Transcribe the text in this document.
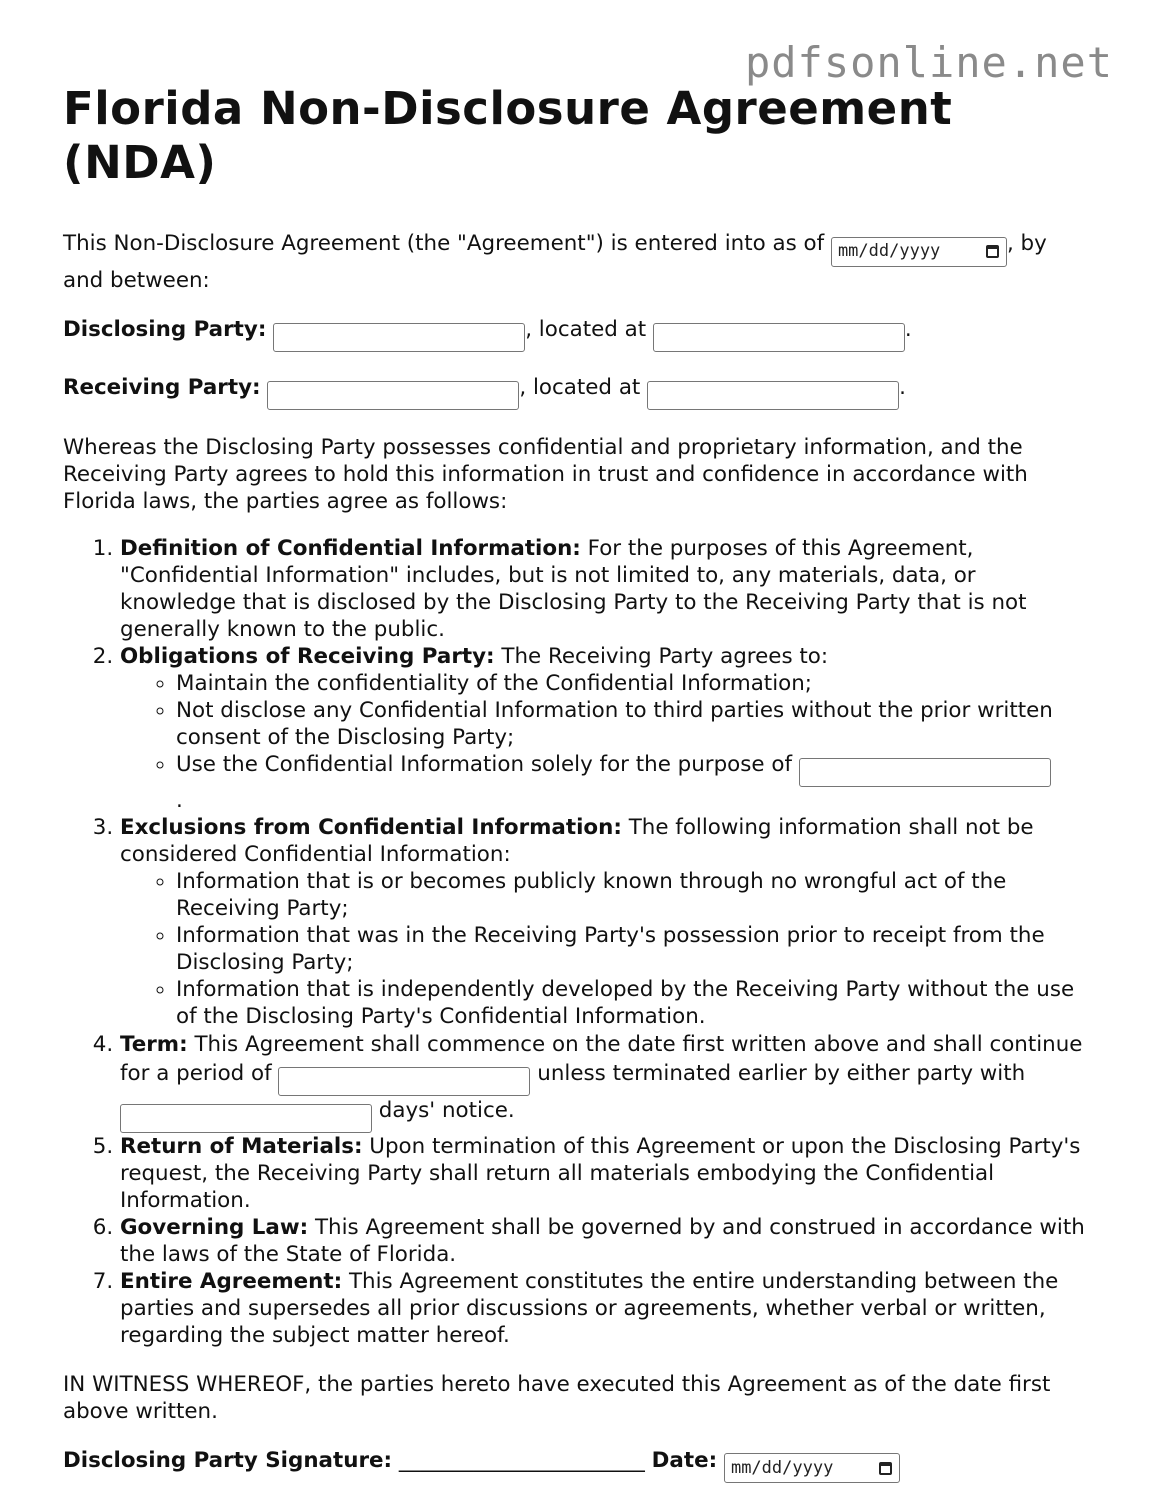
pdfsonline.net
Florida Non-Disclosure Agreement (NDA)

This Non-Disclosure Agreement (the "Agreement") is entered into as of mm/dd/yyyy	, by and between:

Disclosing Party:	, located at	.

Receiving Party:	, located at	.

Whereas the Disclosing Party possesses confidential and proprietary information, and the Receiving Party agrees to hold this information in trust and confidence in accordance with Florida laws, the parties agree as follows:

1. Definition of Confidential Information: For the purposes of this Agreement, "Confidential Information" includes, but is not limited to, any materials, data, or knowledge that is disclosed by the Disclosing Party to the Receiving Party that is not generally known to the public.
2. Obligations of Receiving Party: The Receiving Party agrees to:
◦ Maintain the confidentiality of the Confidential Information;
◦ Not disclose any Confidential Information to third parties without the prior written consent of the Disclosing Party;
◦ Use the Confidential Information solely for the purpose of
.
3. Exclusions from Confidential Information: The following information shall not be considered Confidential Information:
◦ Information that is or becomes publicly known through no wrongful act of the Receiving Party;
◦ Information that was in the Receiving Party's possession prior to receipt from the Disclosing Party;
◦ Information that is independently developed by the Receiving Party without the use of the Disclosing Party's Confidential Information.
4. Term: This Agreement shall commence on the date first written above and shall continue for a period of	unless terminated earlier by either party with  days' notice.
5. Return of Materials: Upon termination of this Agreement or upon the Disclosing Party's request, the Receiving Party shall return all materials embodying the Confidential Information.
6. Governing Law: This Agreement shall be governed by and construed in accordance with the laws of the State of Florida.
7. Entire Agreement: This Agreement constitutes the entire understanding between the parties and supersedes all prior discussions or agreements, whether verbal or written, regarding the subject matter hereof.

IN WITNESS WHEREOF, the parties hereto have executed this Agreement as of the date first above written.

Disclosing Party Signature: _______________________ Date: mm/dd/yyyy
